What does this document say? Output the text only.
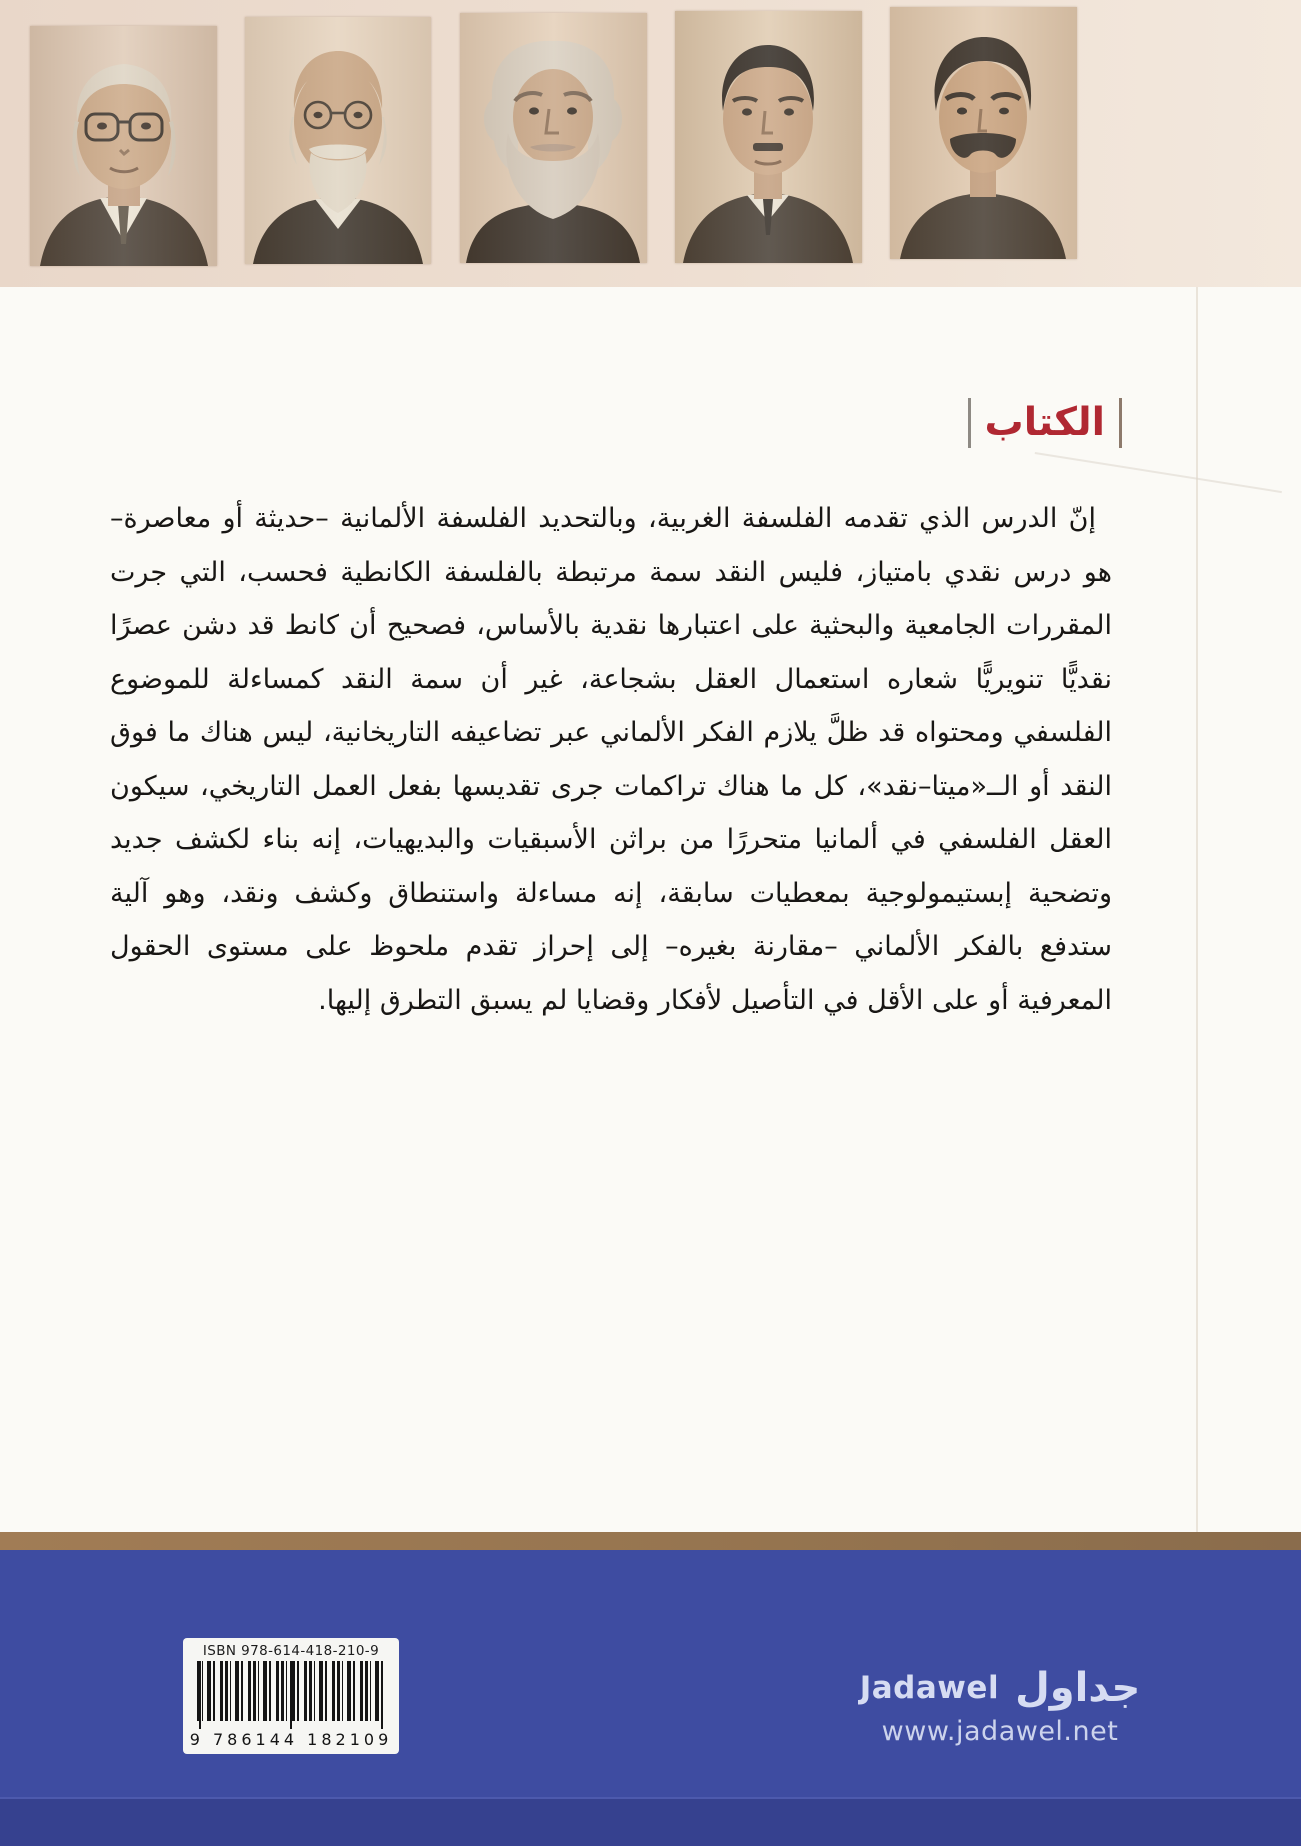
الكتاب

إنّ الدرس الذي تقدمه الفلسفة الغربية، وبالتحديد الفلسفة الألمانية –حديثة أو معاصرة– هو درس نقدي بامتياز، فليس النقد سمة مرتبطة بالفلسفة الكانطية فحسب، التي جرت المقررات الجامعية والبحثية على اعتبارها نقدية بالأساس، فصحيح أن كانط قد دشن عصرًا نقديًّا تنويريًّا شعاره استعمال العقل بشجاعة، غير أن سمة النقد كمساءلة للموضوع الفلسفي ومحتواه قد ظلَّ يلازم الفكر الألماني عبر تضاعيفه التاريخانية، ليس هناك ما فوق النقد أو الــ«ميتا–نقد»، كل ما هناك تراكمات جرى تقديسها بفعل العمل التاريخي، سيكون العقل الفلسفي في ألمانيا متحررًا من براثن الأسبقيات والبديهيات، إنه بناء لكشف جديد وتضحية إبستيمولوجية بمعطيات سابقة، إنه مساءلة واستنطاق وكشف ونقد، وهو آلية ستدفع بالفكر الألماني –مقارنة بغيره– إلى إحراز تقدم ملحوظ على مستوى الحقول المعرفية أو على الأقل في التأصيل لأفكار وقضايا لم يسبق التطرق إليها.

ISBN 978-614-418-210-9
9 786144 182109
Jadawel جداول
www.jadawel.net
